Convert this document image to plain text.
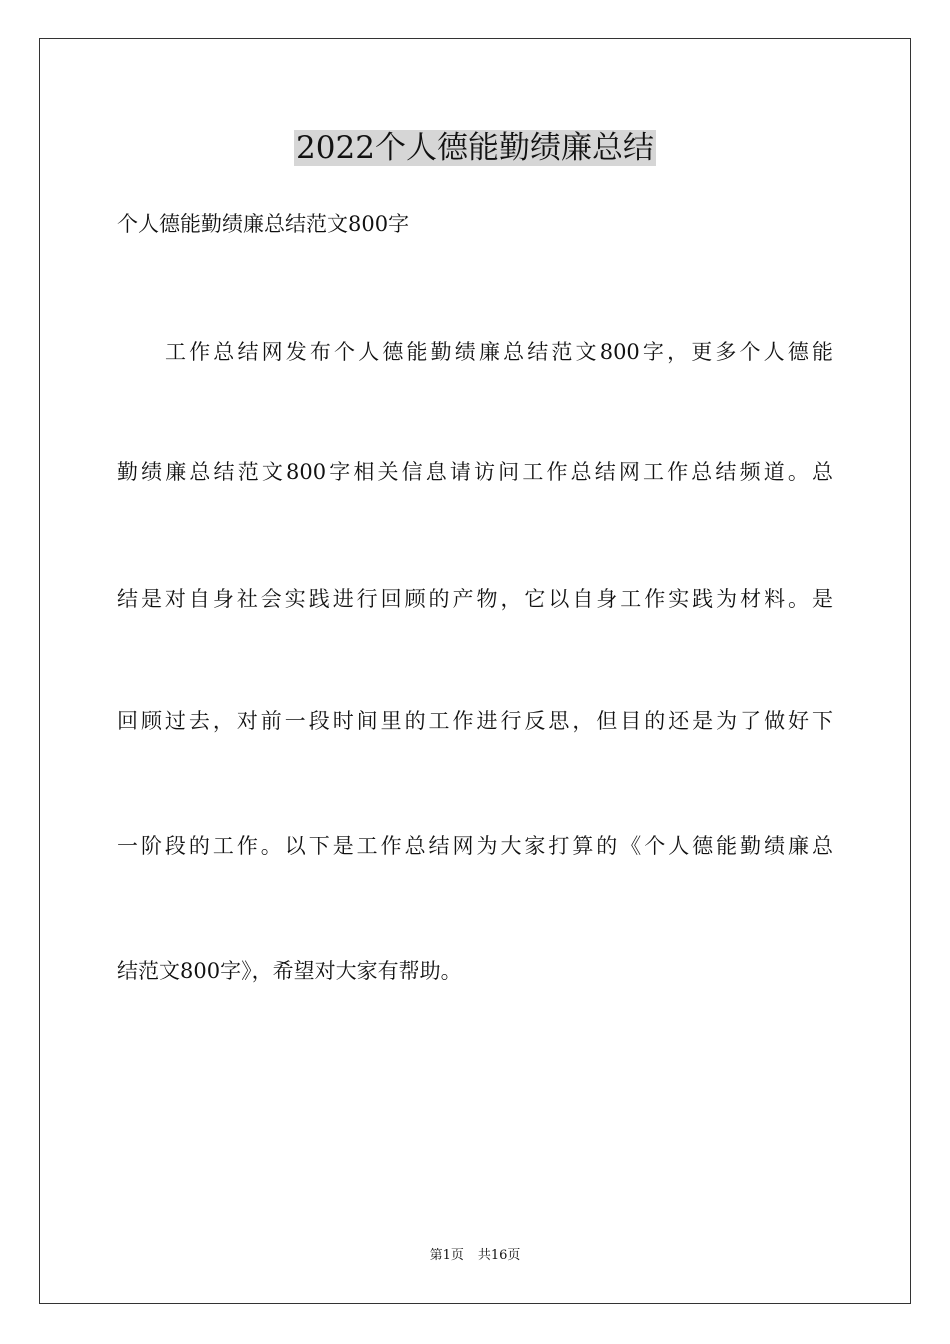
2022个人德能勤绩廉总结
个人德能勤绩廉总结范文800字
工作总结网发布个人德能勤绩廉总结范文800字，更多个人德能
勤绩廉总结范文800字相关信息请访问工作总结网工作总结频道。总
结是对自身社会实践进行回顾的产物，它以自身工作实践为材料。是
回顾过去，对前一段时间里的工作进行反思，但目的还是为了做好下
一阶段的工作。以下是工作总结网为大家打算的《个人德能勤绩廉总
结范文800字》，希望对大家有帮助。
第1页 共16页
